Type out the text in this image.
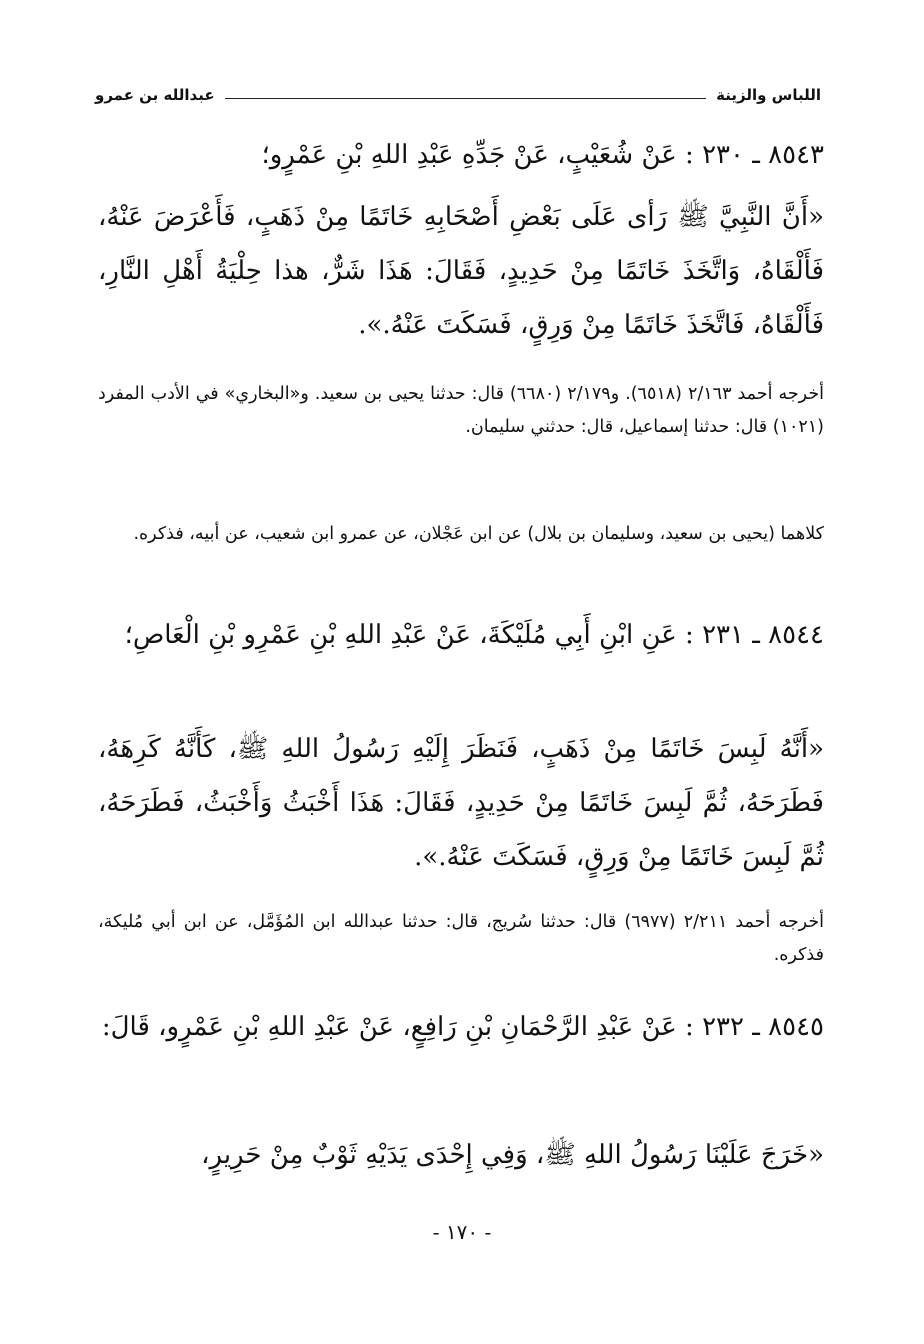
اللباس والزينة
عبدالله بن عمرو
٨٥٤٣ ـ ٢٣٠ : عَنْ شُعَيْبٍ، عَنْ جَدِّهِ عَبْدِ اللهِ بْنِ عَمْرٍو؛
«أَنَّ النَّبِيَّ ﷺ رَأى عَلَى بَعْضِ أَصْحَابِهِ خَاتَمًا مِنْ ذَهَبٍ، فَأَعْرَضَ عَنْهُ، فَأَلْقَاهُ، وَاتَّخَذَ خَاتَمًا مِنْ حَدِيدٍ، فَقَالَ: هَذَا شَرٌّ، هذا حِلْيَةُ أَهْلِ النَّارِ، فَأَلْقَاهُ، فَاتَّخَذَ خَاتَمًا مِنْ وَرِقٍ، فَسَكَتَ عَنْهُ.».
أخرجه أحمد ٢/١٦٣ (٦٥١٨). و٢/١٧٩ (٦٦٨٠) قال: حدثنا يحيى بن سعيد. و«البخاري» في الأدب المفرد (١٠٢١) قال: حدثنا إسماعيل، قال: حدثني سليمان.
كلاهما (يحيى بن سعيد، وسليمان بن بلال) عن ابن عَجْلان، عن عمرو ابن شعيب، عن أبيه، فذكره.
٨٥٤٤ ـ ٢٣١ : عَنِ ابْنِ أَبِي مُلَيْكَةَ، عَنْ عَبْدِ اللهِ بْنِ عَمْرِو بْنِ الْعَاصِ؛
«أَنَّهُ لَبِسَ خَاتَمًا مِنْ ذَهَبٍ، فَنَظَرَ إِلَيْهِ رَسُولُ اللهِ ﷺ، كَأَنَّهُ كَرِهَهُ، فَطَرَحَهُ، ثُمَّ لَبِسَ خَاتَمًا مِنْ حَدِيدٍ، فَقَالَ: هَذَا أَخْبَثُ وَأَخْبَثُ، فَطَرَحَهُ، ثُمَّ لَبِسَ خَاتَمًا مِنْ وَرِقٍ، فَسَكَتَ عَنْهُ.».
أخرجه أحمد ٢/٢١١ (٦٩٧٧) قال: حدثنا سُريج، قال: حدثنا عبدالله ابن المُؤَمَّل، عن ابن أبي مُليكة، فذكره.
٨٥٤٥ ـ ٢٣٢ : عَنْ عَبْدِ الرَّحْمَانِ بْنِ رَافِعٍ، عَنْ عَبْدِ اللهِ بْنِ عَمْرٍو، قَالَ:
«خَرَجَ عَلَيْنَا رَسُولُ اللهِ ﷺ، وَفِي إِحْدَى يَدَيْهِ ثَوْبٌ مِنْ حَرِيرٍ،
- ١٧٠ -
